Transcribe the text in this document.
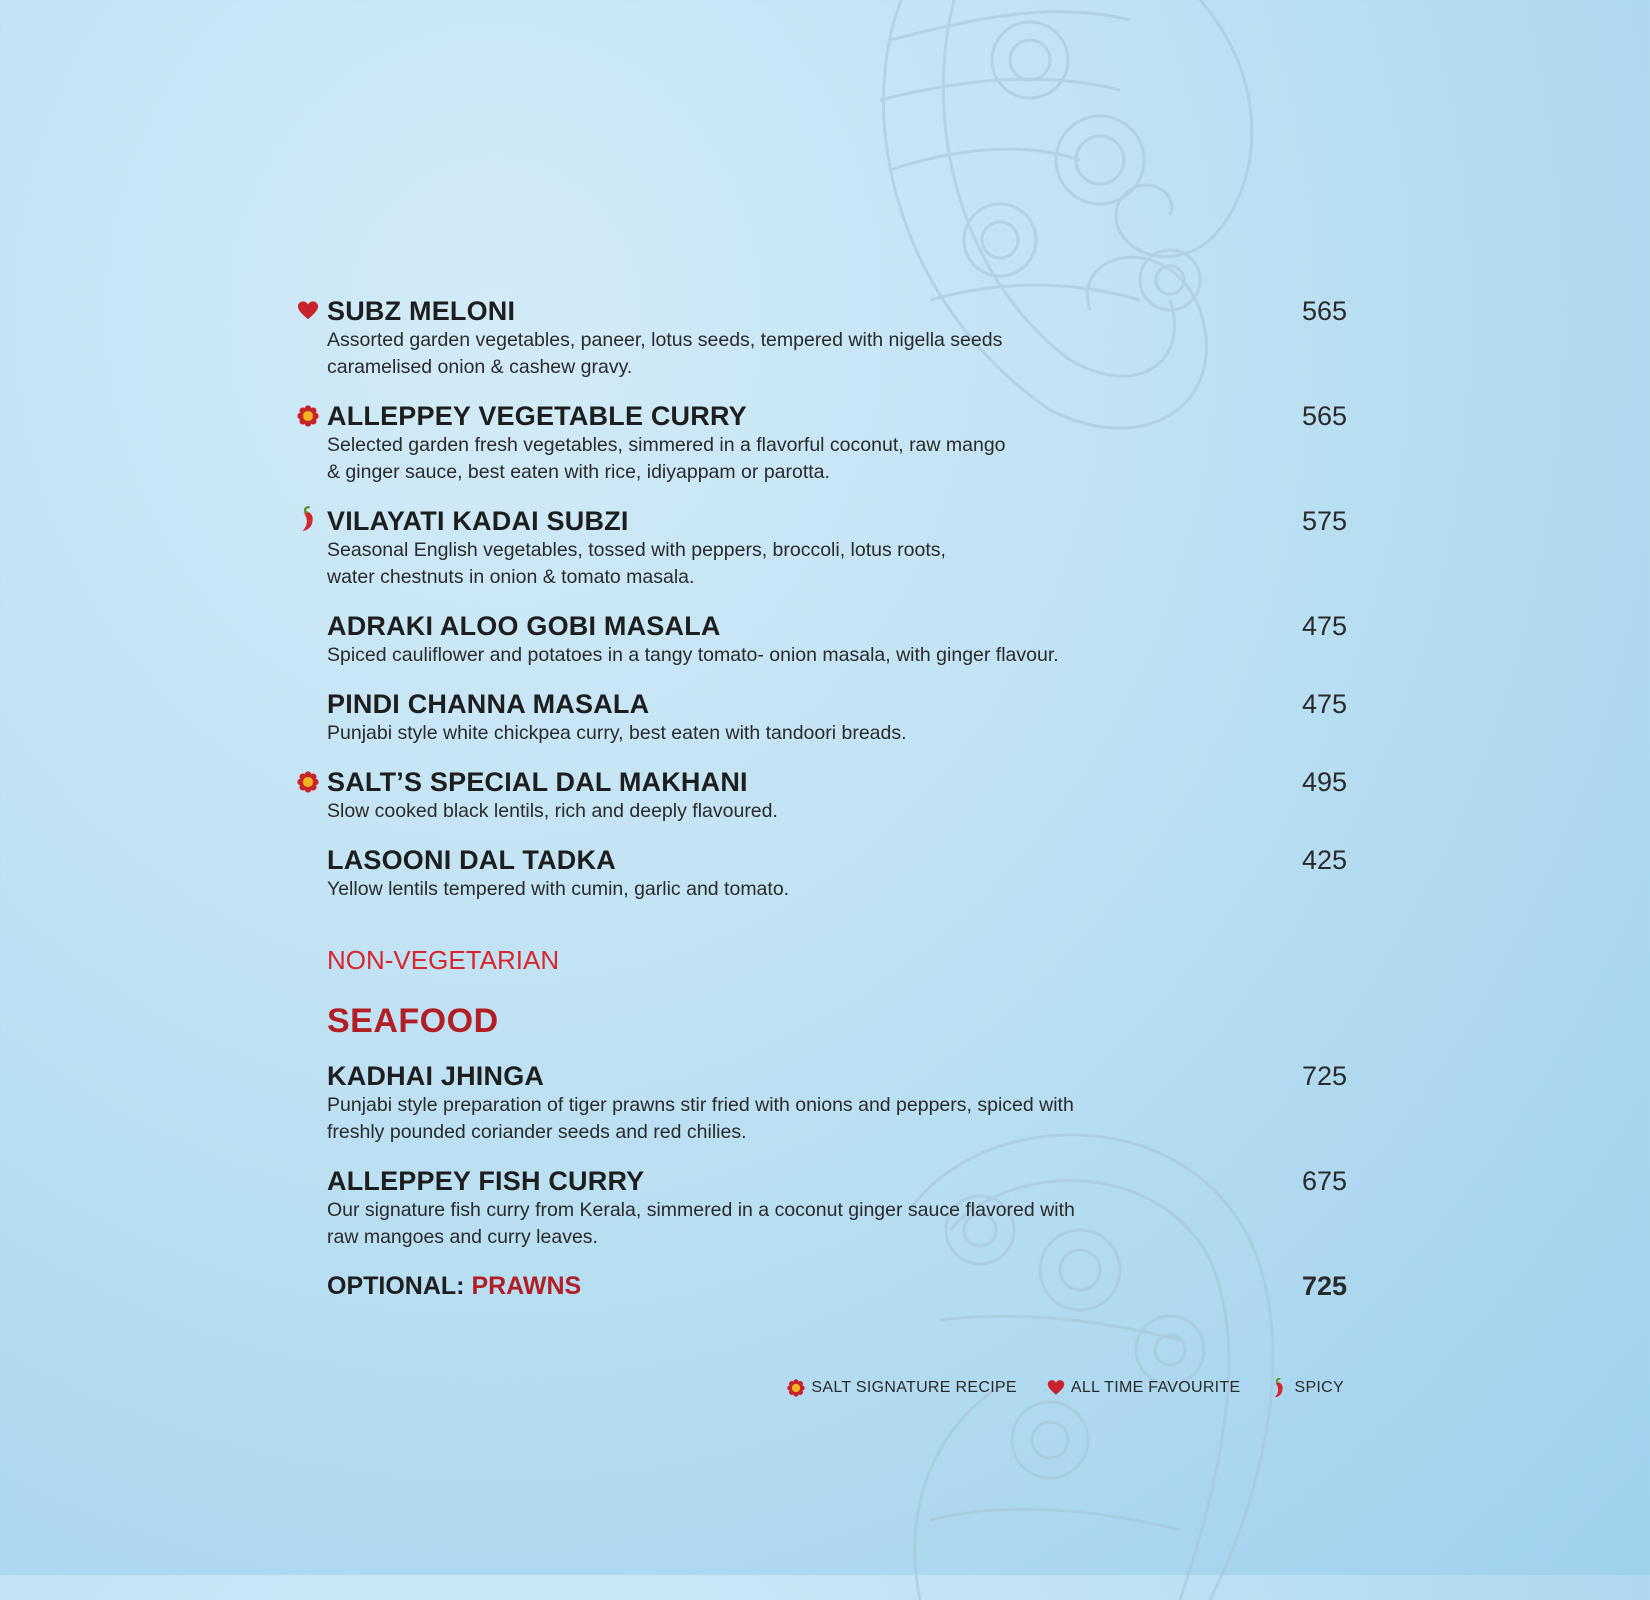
SUBZ MELONI
Assorted garden vegetables, paneer, lotus seeds, tempered with nigella seeds
caramelised onion & cashew gravy.
565
ALLEPPEY VEGETABLE CURRY
Selected garden fresh vegetables, simmered in a flavorful coconut, raw mango
& ginger sauce, best eaten with rice, idiyappam or parotta.
565
VILAYATI KADAI SUBZI
Seasonal English vegetables, tossed with peppers, broccoli, lotus roots,
water chestnuts in onion & tomato masala.
575
ADRAKI ALOO GOBI MASALA
Spiced cauliflower and potatoes in a tangy tomato- onion masala, with ginger flavour.
475
PINDI CHANNA MASALA
Punjabi style white chickpea curry, best eaten with tandoori breads.
475
SALT’S SPECIAL DAL MAKHANI
Slow cooked black lentils, rich and deeply flavoured.
495
LASOONI DAL TADKA
Yellow lentils tempered with cumin, garlic and tomato.
425
NON-VEGETARIAN
SEAFOOD
KADHAI JHINGA
Punjabi style preparation of tiger prawns stir fried with onions and peppers, spiced with
freshly pounded coriander seeds and red chilies.
725
ALLEPPEY FISH CURRY
Our signature fish curry from Kerala, simmered in a coconut ginger sauce flavored with
raw mangoes and curry leaves.
675
OPTIONAL: PRAWNS	725
SALT SIGNATURE RECIPE	ALL TIME FAVOURITE	SPICY
